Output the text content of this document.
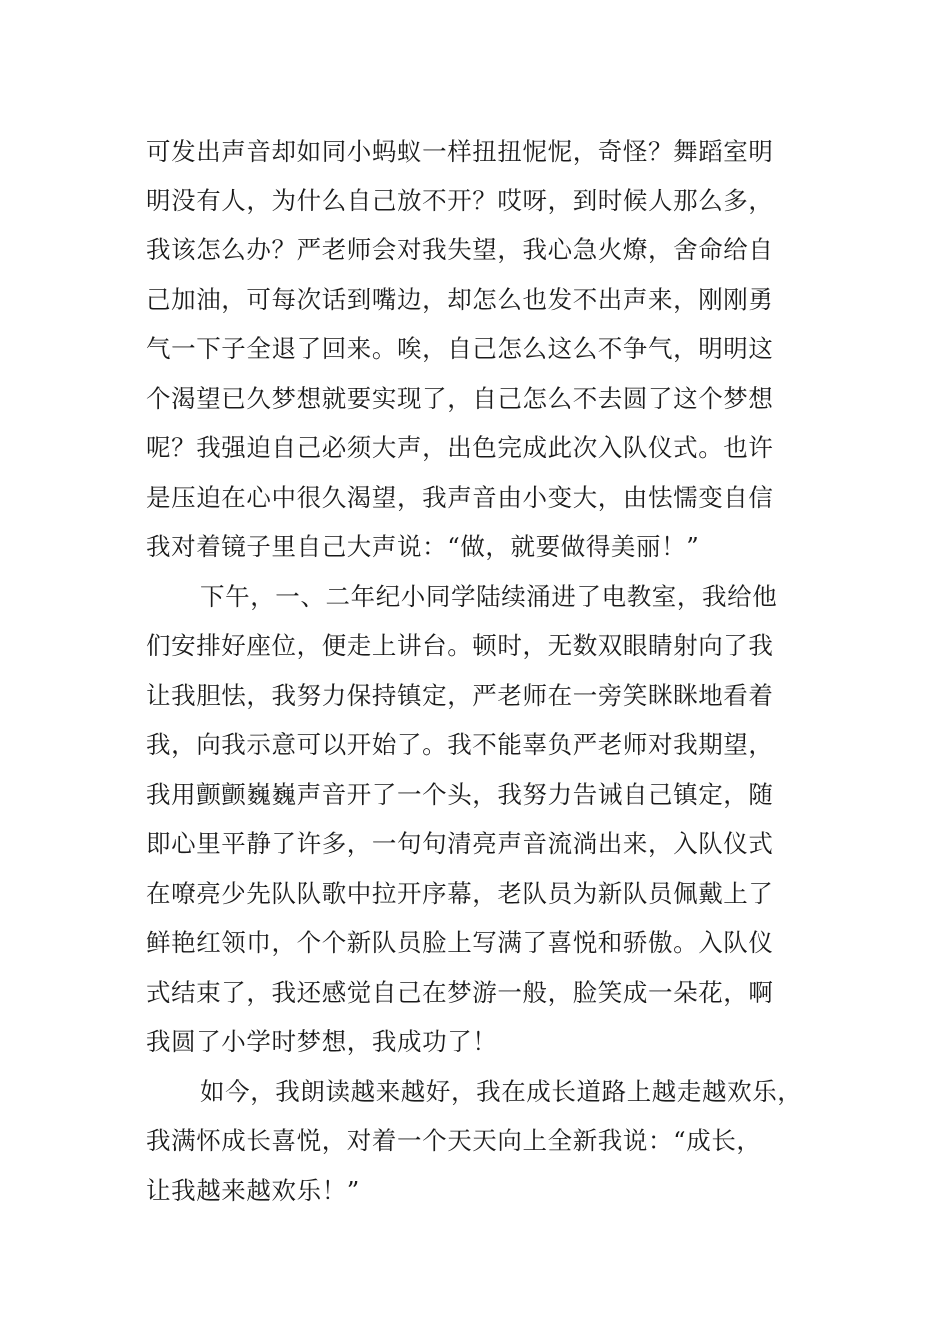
可发出声音却如同小蚂蚁一样扭扭怩怩，奇怪？舞蹈室明
明没有人，为什么自己放不开？哎呀，到时候人那么多，
我该怎么办？严老师会对我失望，我心急火燎，舍命给自
己加油，可每次话到嘴边，却怎么也发不出声来，刚刚勇
气一下子全退了回来。唉，自己怎么这么不争气，明明这
个渴望已久梦想就要实现了，自己怎么不去圆了这个梦想
呢？我强迫自己必须大声，出色完成此次入队仪式。也许
是压迫在心中很久渴望，我声音由小变大，由怯懦变自信
我对着镜子里自己大声说：“做，就要做得美丽！”
下午，一、二年纪小同学陆续涌进了电教室，我给他
们安排好座位，便走上讲台。顿时，无数双眼睛射向了我
让我胆怯，我努力保持镇定，严老师在一旁笑眯眯地看着
我，向我示意可以开始了。我不能辜负严老师对我期望，
我用颤颤巍巍声音开了一个头，我努力告诫自己镇定，随
即心里平静了许多，一句句清亮声音流淌出来，入队仪式
在嘹亮少先队队歌中拉开序幕，老队员为新队员佩戴上了
鲜艳红领巾，个个新队员脸上写满了喜悦和骄傲。入队仪
式结束了，我还感觉自己在梦游一般，脸笑成一朵花，啊
我圆了小学时梦想，我成功了！
如今，我朗读越来越好，我在成长道路上越走越欢乐，
我满怀成长喜悦，对着一个天天向上全新我说：“成长，
让我越来越欢乐！”
